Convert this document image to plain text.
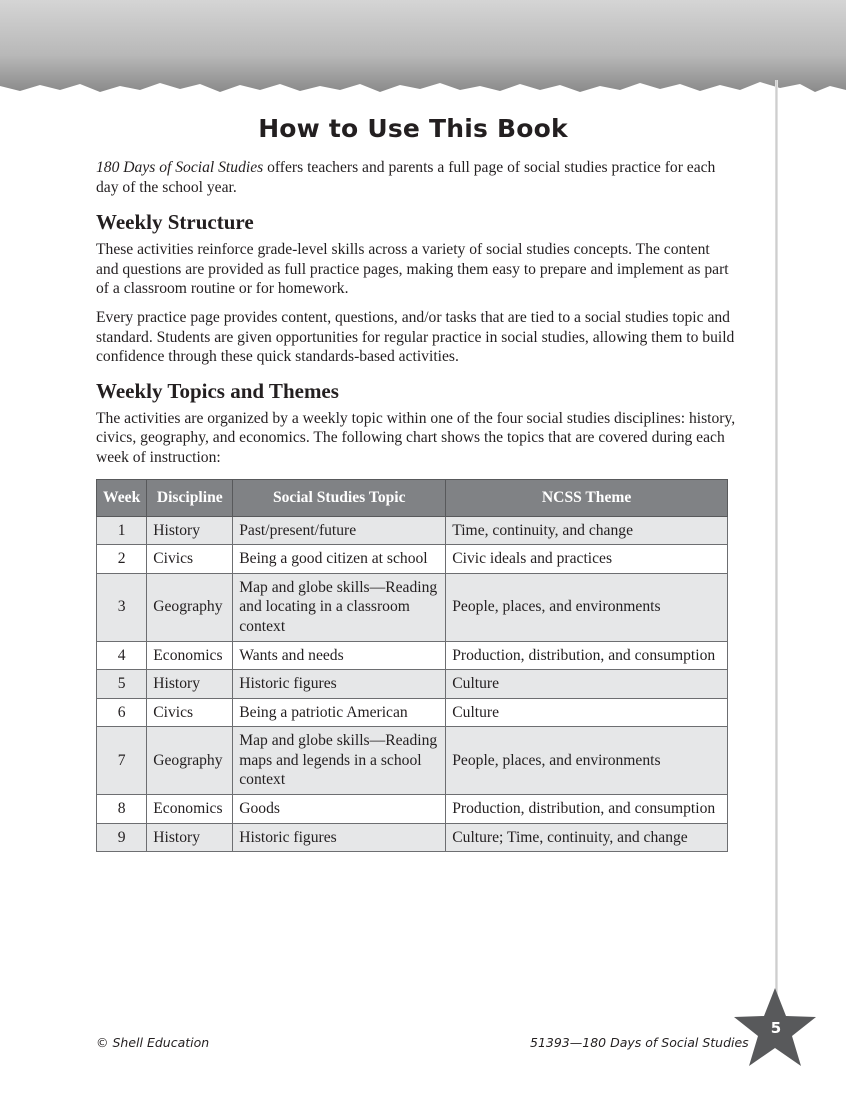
How to Use This Book

180 Days of Social Studies offers teachers and parents a full page of social studies practice for each day of the school year.

Weekly Structure

These activities reinforce grade-level skills across a variety of social studies concepts. The content and questions are provided as full practice pages, making them easy to prepare and implement as part of a classroom routine or for homework.

Every practice page provides content, questions, and/or tasks that are tied to a social studies topic and standard. Students are given opportunities for regular practice in social studies, allowing them to build confidence through these quick standards-based activities.

Weekly Topics and Themes

The activities are organized by a weekly topic within one of the four social studies disciplines: history, civics, geography, and economics. The following chart shows the topics that are covered during each week of instruction:

Week	Discipline	Social Studies Topic	NCSS Theme
1	History	Past/present/future	Time, continuity, and change
2	Civics	Being a good citizen at school	Civic ideals and practices
3	Geography	Map and globe skills—Reading and locating in a classroom context	People, places, and environments
4	Economics	Wants and needs	Production, distribution, and consumption
5	History	Historic figures	Culture
6	Civics	Being a patriotic American	Culture
7	Geography	Map and globe skills—Reading maps and legends in a school context	People, places, and environments
8	Economics	Goods	Production, distribution, and consumption
9	History	Historic figures	Culture; Time, continuity, and change
© Shell Education	51393—180 Days of Social Studies
5
